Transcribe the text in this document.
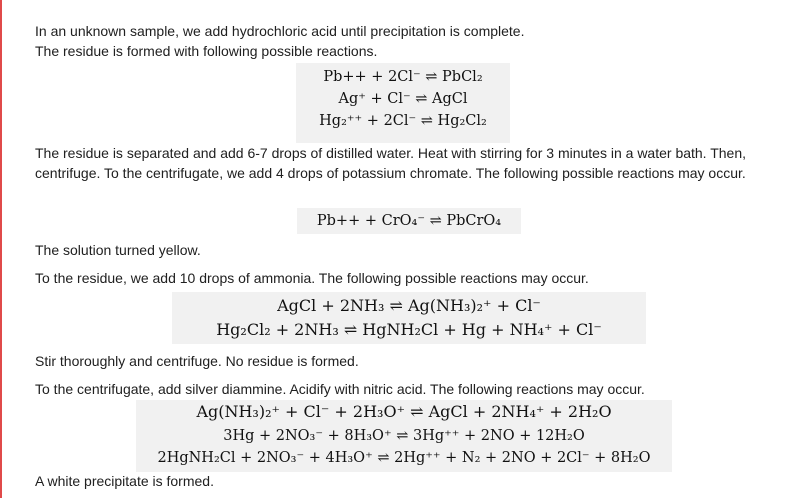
In an unknown sample, we add hydrochloric acid until precipitation is complete.

The residue is formed with following possible reactions.

Pb++ + 2Cl⁻ ⇌ PbCl₂
Ag⁺ + Cl⁻ ⇌ AgCl
Hg₂⁺⁺ + 2Cl⁻ ⇌ Hg₂Cl₂

The residue is separated and add 6-7 drops of distilled water. Heat with stirring for 3 minutes in a water bath. Then, centrifuge. To the centrifugate, we add 4 drops of potassium chromate. The following possible reactions may occur.

Pb++ + CrO₄⁻ ⇌ PbCrO₄

The solution turned yellow.

To the residue, we add 10 drops of ammonia. The following possible reactions may occur.

AgCl + 2NH₃ ⇌ Ag(NH₃)₂⁺ + Cl⁻
Hg₂Cl₂ + 2NH₃ ⇌ HgNH₂Cl + Hg + NH₄⁺ + Cl⁻

Stir thoroughly and centrifuge. No residue is formed.

To the centrifugate, add silver diammine. Acidify with nitric acid. The following reactions may occur.

Ag(NH₃)₂⁺ + Cl⁻ + 2H₃O⁺ ⇌ AgCl + 2NH₄⁺ + 2H₂O
3Hg + 2NO₃⁻ + 8H₃O⁺ ⇌ 3Hg⁺⁺ + 2NO + 12H₂O
2HgNH₂Cl + 2NO₃⁻ + 4H₃O⁺ ⇌ 2Hg⁺⁺ + N₂ + 2NO + 2Cl⁻ + 8H₂O

A white precipitate is formed.
